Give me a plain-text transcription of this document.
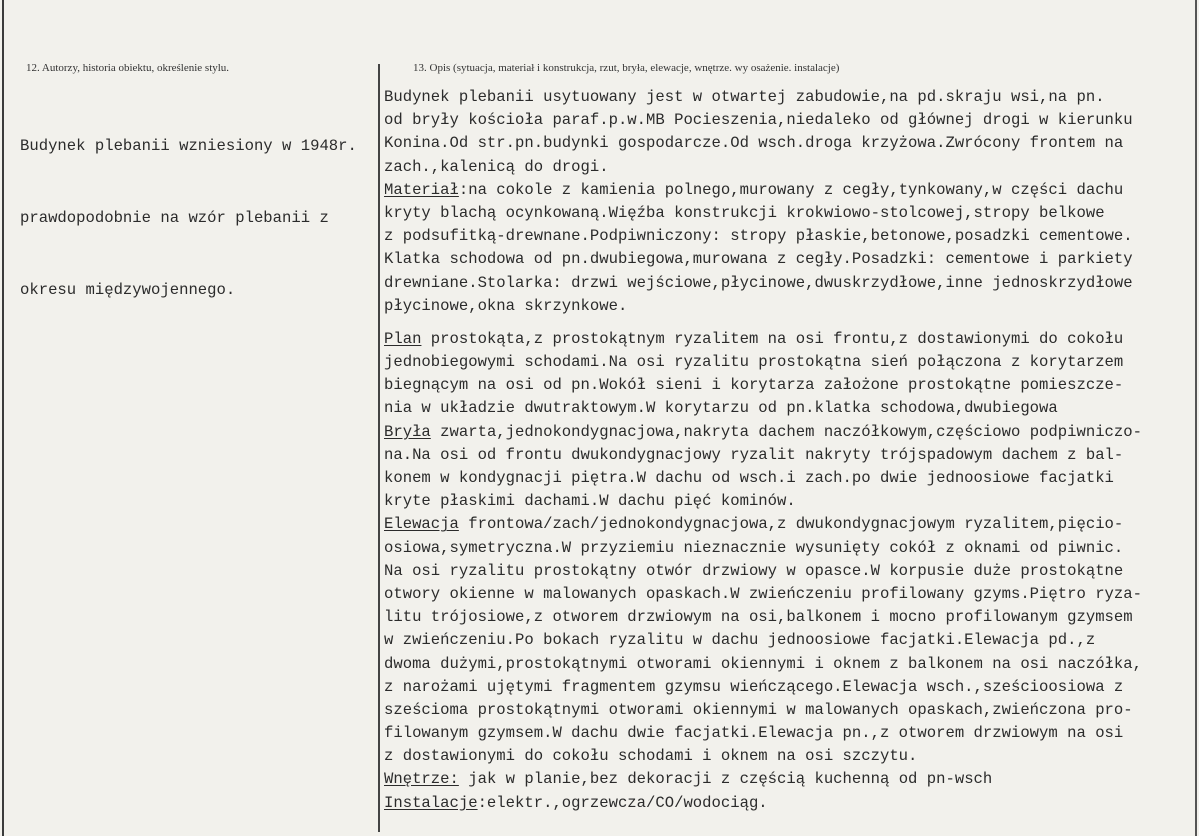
12. Autorzy, historia obiektu, określenie stylu.	13. Opis (sytuacja, materiał i konstrukcja, rzut, bryła, elewacje, wnętrze. wy osażenie. instalacje)

Budynek plebanii wzniesiony w 1948r.

prawdopodobnie na wzór plebanii z

okresu międzywojennego.

Budynek plebanii usytuowany jest w otwartej zabudowie,na pd.skraju wsi,na pn.
od bryły kościoła paraf.p.w.MB Pocieszenia,niedaleko od głównej drogi w kierunku
Konina.Od str.pn.budynki gospodarcze.Od wsch.droga krzyżowa.Zwrócony frontem na
zach.,kalenicą do drogi.
Materiał:na cokole z kamienia polnego,murowany z cegły,tynkowany,w części dachu
kryty blachą ocynkowaną.Więźba konstrukcji krokwiowo-stolcowej,stropy belkowe
z podsufitką-drewnane.Podpiwniczony: stropy płaskie,betonowe,posadzki cementowe.
Klatka schodowa od pn.dwubiegowa,murowana z cegły.Posadzki: cementowe i parkiety
drewniane.Stolarka: drzwi wejściowe,płycinowe,dwuskrzydłowe,inne jednoskrzydłowe
płycinowe,okna skrzynkowe.
Plan prostokąta,z prostokątnym ryzalitem na osi frontu,z dostawionymi do cokołu
jednobiegowymi schodami.Na osi ryzalitu prostokątna sień połączona z korytarzem
biegnącym na osi od pn.Wokół sieni i korytarza założone prostokątne pomieszcze-
nia w układzie dwutraktowym.W korytarzu od pn.klatka schodowa,dwubiegowa
Bryła zwarta,jednokondygnacjowa,nakryta dachem naczółkowym,częściowo podpiwniczo-
na.Na osi od frontu dwukondygnacjowy ryzalit nakryty trójspadowym dachem z bal-
konem w kondygnacji piętra.W dachu od wsch.i zach.po dwie jednoosiowe facjatki
kryte płaskimi dachami.W dachu pięć kominów.
Elewacja frontowa/zach/jednokondygnacjowa,z dwukondygnacjowym ryzalitem,pięcio-
osiowa,symetryczna.W przyziemiu nieznacznie wysunięty cokół z oknami od piwnic.
Na osi ryzalitu prostokątny otwór drzwiowy w opasce.W korpusie duże prostokątne
otwory okienne w malowanych opaskach.W zwieńczeniu profilowany gzyms.Piętro ryza-
litu trójosiowe,z otworem drzwiowym na osi,balkonem i mocno profilowanym gzymsem
w zwieńczeniu.Po bokach ryzalitu w dachu jednoosiowe facjatki.Elewacja pd.,z
dwoma dużymi,prostokątnymi otworami okiennymi i oknem z balkonem na osi naczółka,
z narożami ujętymi fragmentem gzymsu wieńczącego.Elewacja wsch.,sześcioosiowa z
sześcioma prostokątnymi otworami okiennymi w malowanych opaskach,zwieńczona pro-
filowanym gzymsem.W dachu dwie facjatki.Elewacja pn.,z otworem drzwiowym na osi
z dostawionymi do cokołu schodami i oknem na osi szczytu.
Wnętrze: jak w planie,bez dekoracji z częścią kuchenną od pn-wsch
Instalacje:elektr.,ogrzewcza/CO/wodociąg.
